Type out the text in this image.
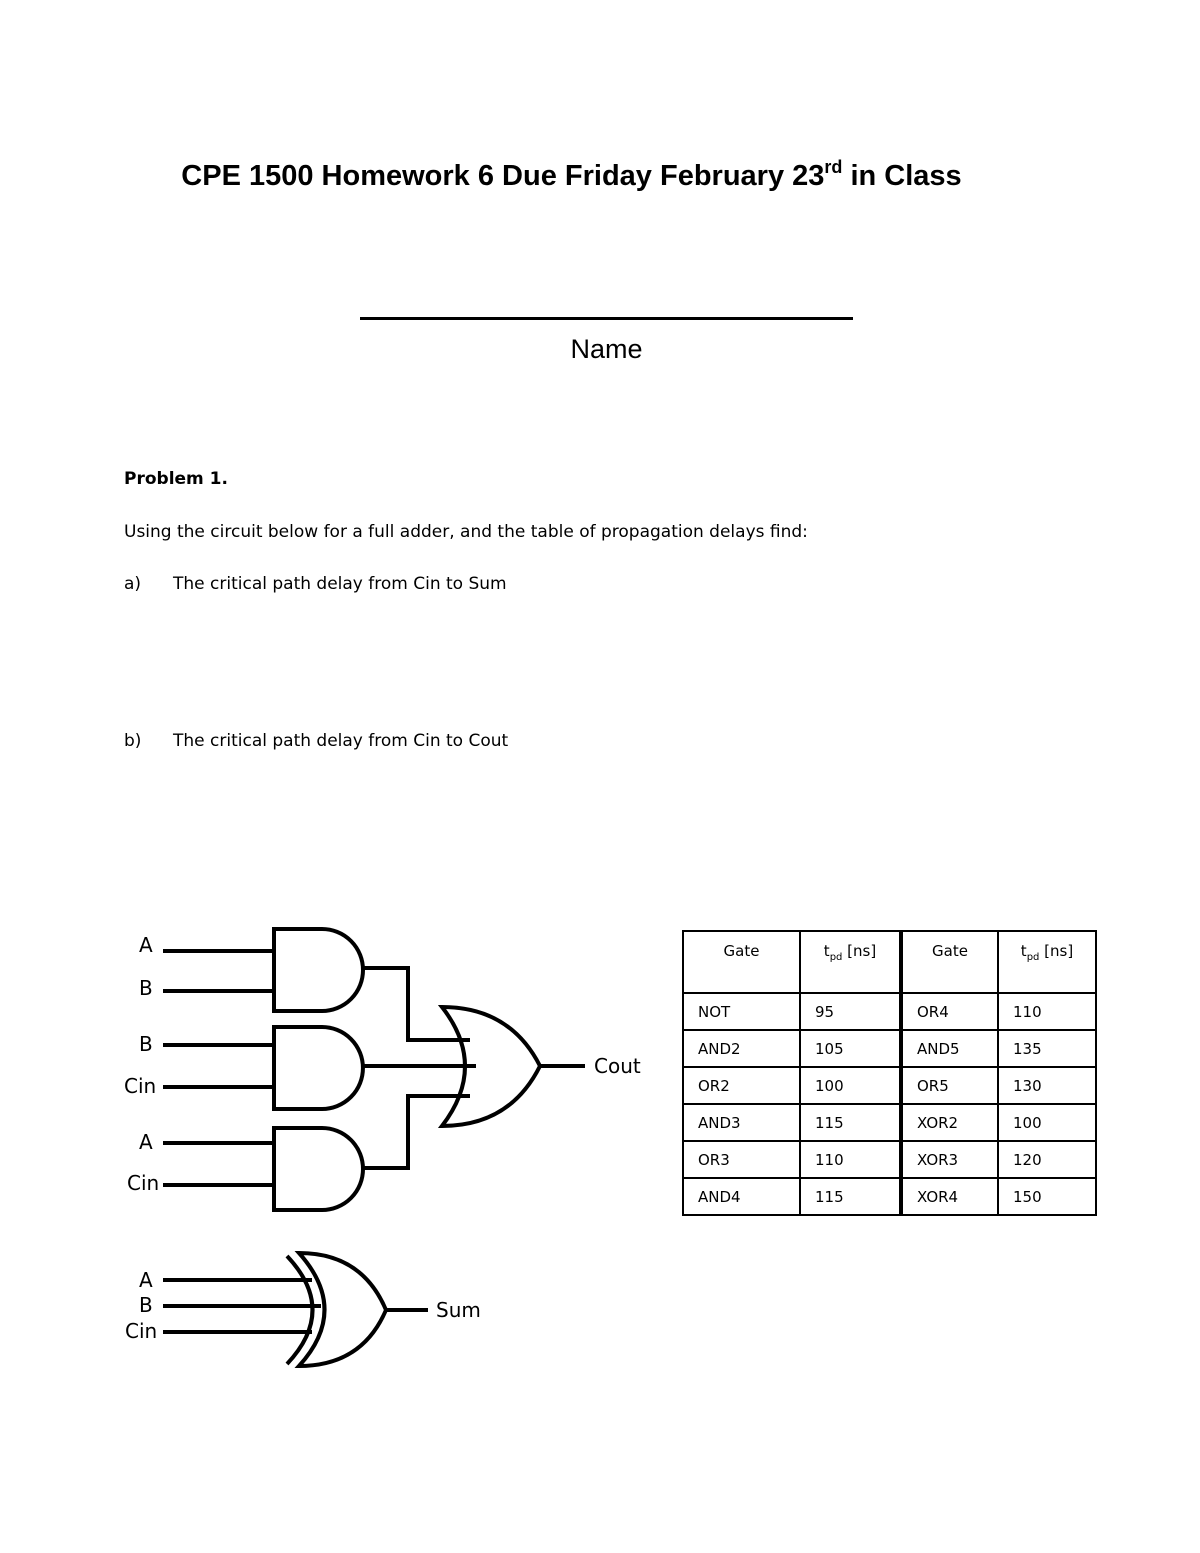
CPE 1500 Homework 6 Due Friday February 23rd in Class
Name
Problem 1.
Using the circuit below for a full adder, and the table of propagation delays find:
a) The critical path delay from Cin to Sum
b) The critical path delay from Cin to Cout
A
B
B
Cin
A
Cin
Cout
A
B
Cin
Sum
Gate	$t_{pd}$ [ns]	Gate	$t_{pd}$ [ns]
NOT	95	OR4	110
AND2	105	AND5	135
OR2	100	OR5	130
AND3	115	XOR2	100
OR3	110	XOR3	120
AND4	115	XOR4	150
